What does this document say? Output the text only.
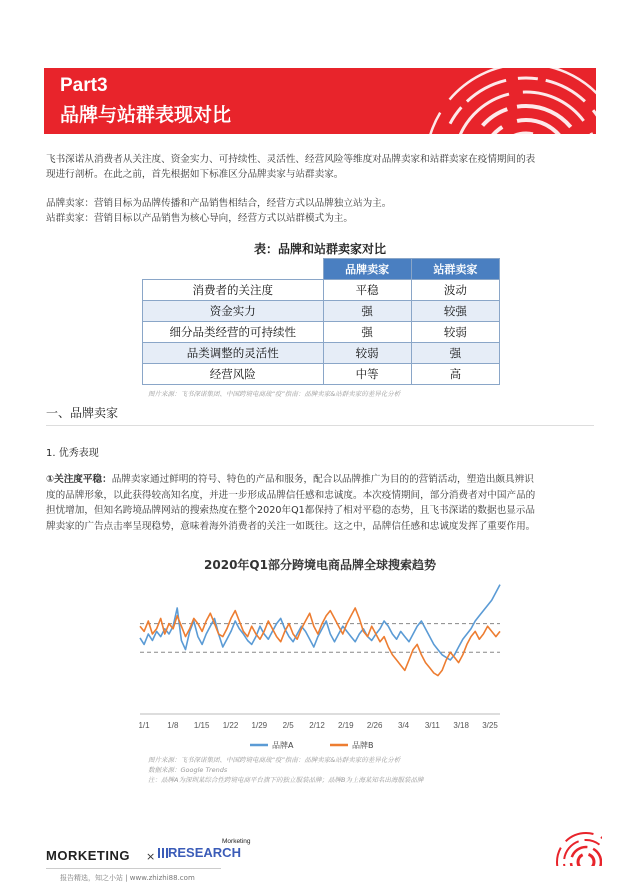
Part3
品牌与站群表现对比
飞书深诺从消费者从关注度、资金实力、可持续性、灵活性、经营风险等维度对品牌卖家和站群卖家在疫情期间的表
现进行剖析。在此之前，首先根据如下标准区分品牌卖家与站群卖家。
品牌卖家：营销目标为品牌传播和产品销售相结合，经营方式以品牌独立站为主。
站群卖家：营销目标以产品销售为核心导向，经营方式以站群模式为主。
表：品牌和站群卖家对比
	品牌卖家	站群卖家
消费者的关注度	平稳	波动
资金实力	强	较强
细分品类经营的可持续性	强	较弱
品类调整的灵活性	较弱	强
经营风险	中等	高
图片来源：飞书深诺集团、中国跨境电商战“疫”指南：品牌卖家&站群卖家的差异化分析
一、品牌卖家
1. 优秀表现
①关注度平稳：品牌卖家通过鲜明的符号、特色的产品和服务，配合以品牌推广为目的的营销活动，塑造出颇具辨识
度的品牌形象，以此获得较高知名度，并进一步形成品牌信任感和忠诚度。本次疫情期间，部分消费者对中国产品的
担忧增加，但知名跨境品牌网站的搜索热度在整个2020年Q1都保持了相对平稳的态势，且飞书深诺的数据也显示品
牌卖家的广告点击率呈现稳势，意味着海外消费者的关注一如既往。这之中，品牌信任感和忠诚度发挥了重要作用。
2020年Q1部分跨境电商品牌全球搜索趋势
1/1 1/8 1/15 1/22 1/29 2/5 2/12 2/19 2/26 3/4 3/11 3/18 3/25
品牌A	品牌B
图片来源：飞书深诺集团、中国跨境电商战“疫”指南：品牌卖家&站群卖家的差异化分析
数据来源：Google Trends
注：品牌A为深圳某综合性跨境电商平台旗下的独立服装品牌；品牌B为上海某知名出海服装品牌
MORKETING × RESEARCH
Morketing
报告精选，知之小站 | www.zhizhi88.com
